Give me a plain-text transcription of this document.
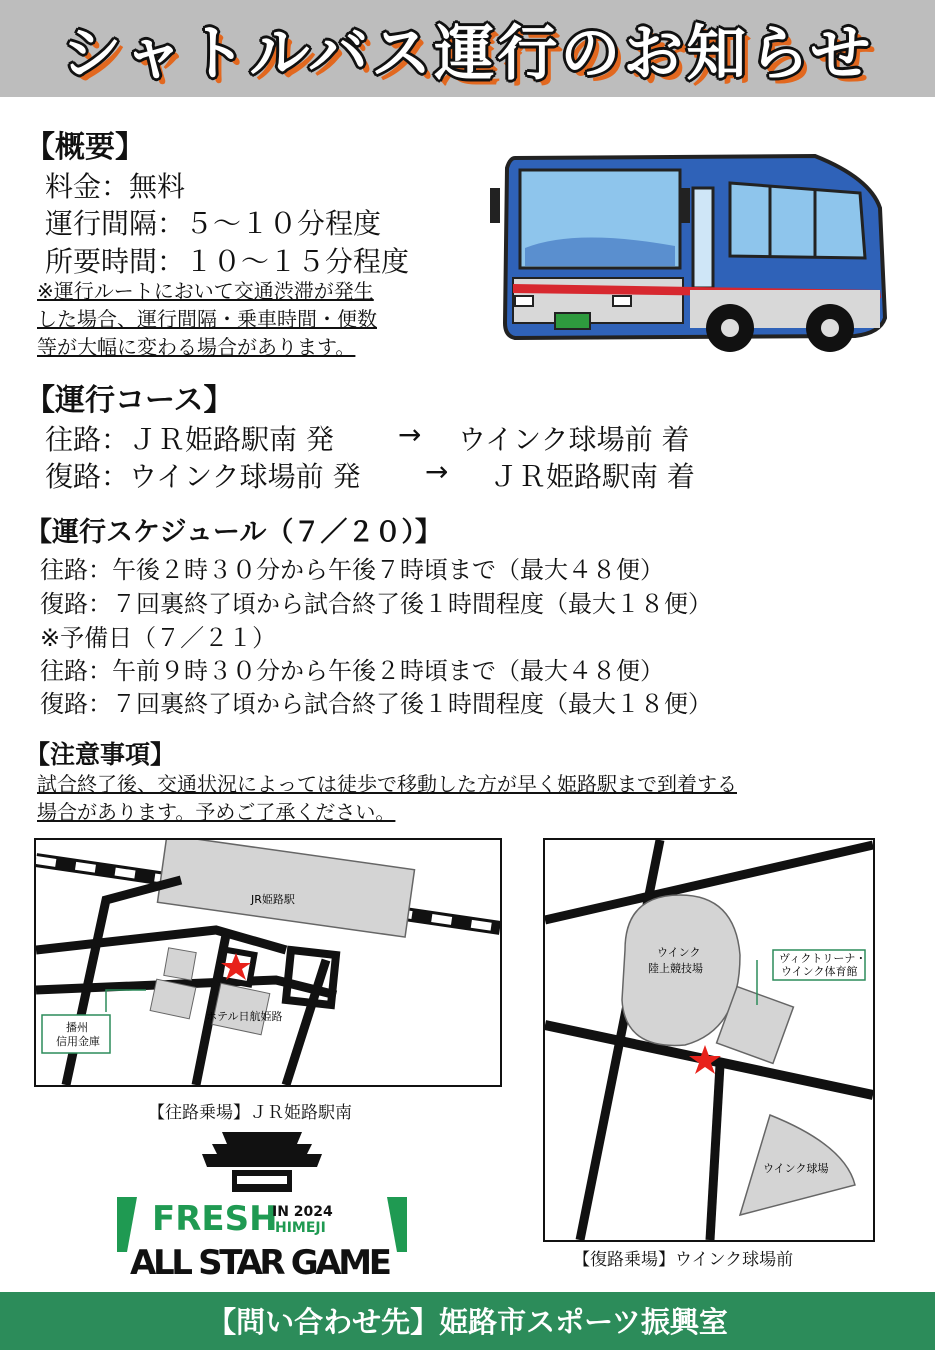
シャトルバス運行のお知らせ
【概要】
料金：無料
運行間隔：５～１０分程度
所要時間：１０～１５分程度
※運行ルートにおいて交通渋滞が発生
した場合、運行間隔・乗車時間・便数
等が大幅に変わる場合があります。
【運行コース】
往路：ＪＲ姫路駅南 発 → ウインク球場前 着
復路：ウインク球場前 発 → ＪＲ姫路駅南 着
【運行スケジュール（７／２０）】
往路：午後２時３０分から午後７時頃まで（最大４８便）
復路：７回裏終了頃から試合終了後１時間程度（最大１８便）
※予備日（７／２１）
往路：午前９時３０分から午後２時頃まで（最大４８便）
復路：７回裏終了頃から試合終了後１時間程度（最大１８便）
【注意事項】
試合終了後、交通状況によっては徒歩で移動した方が早く姫路駅まで到着する
場合があります。予めご了承ください。
JR姫路駅
ホテル日航姫路
播州
信用金庫
【往路乗場】ＪＲ姫路駅南
ウインク
陸上競技場
ヴィクトリーナ・
ウインク体育館
ウインク球場
【復路乗場】ウインク球場前
FRESH
IN 2024
HIMEJI
ALL STAR GAME
【問い合わせ先】姫路市スポーツ振興室
